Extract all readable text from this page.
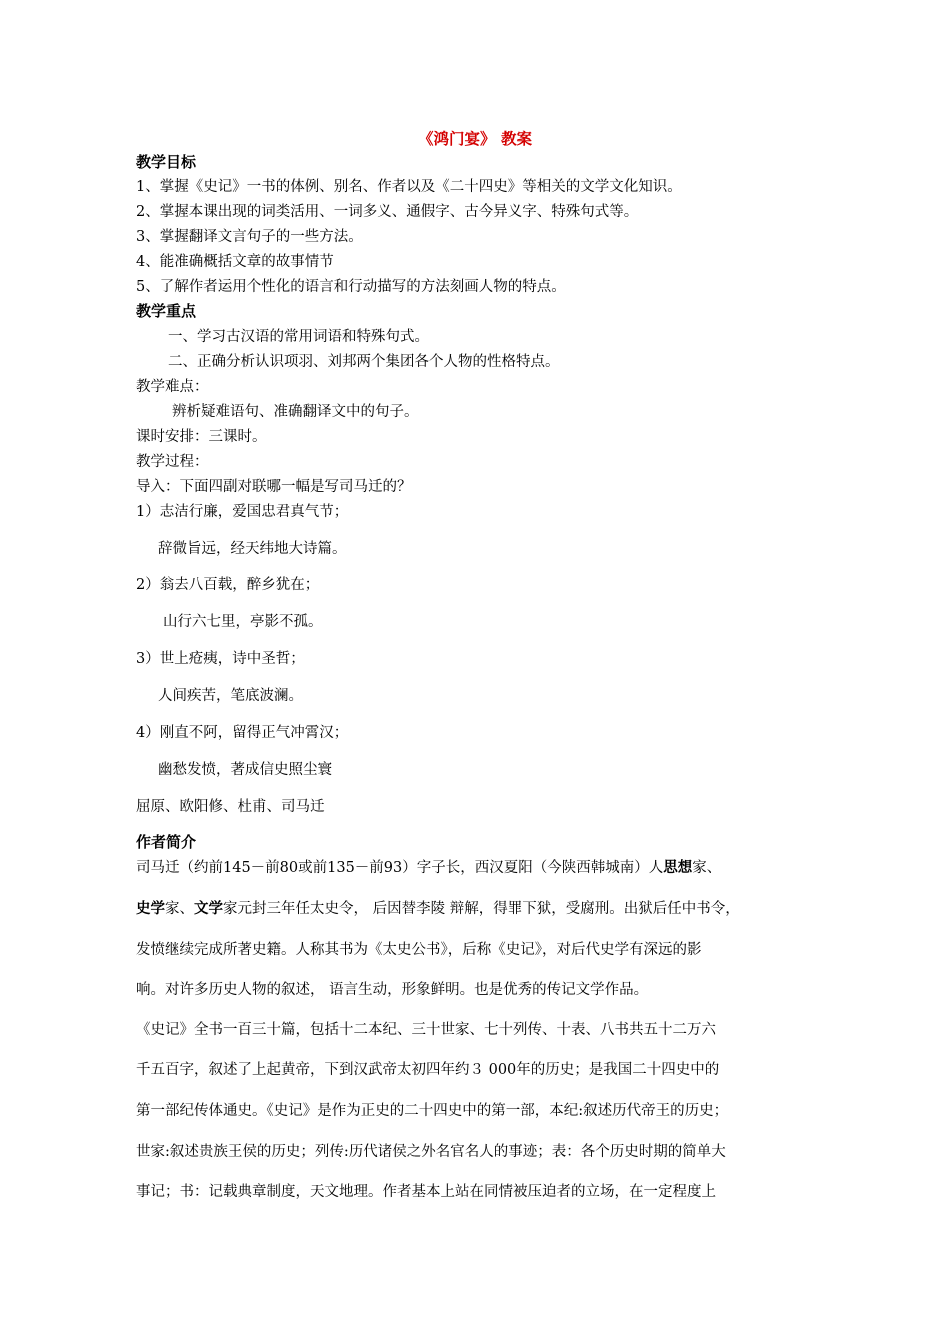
《鸿门宴》 教案
教学目标
1、掌握《史记》一书的体例、别名、作者以及《二十四史》等相关的文学文化知识。
2、掌握本课出现的词类活用、一词多义、通假字、古今异义字、特殊句式等。
3、掌握翻译文言句子的一些方法。
4、能准确概括文章的故事情节
5、了解作者运用个性化的语言和行动描写的方法刻画人物的特点。
教学重点
一、学习古汉语的常用词语和特殊句式。
二、正确分析认识项羽、刘邦两个集团各个人物的性格特点。
教学难点：
辨析疑难语句、准确翻译文中的句子。
课时安排：三课时。
教学过程：
导入：下面四副对联哪一幅是写司马迁的？
1）志洁行廉，爱国忠君真气节；
辞微旨远，经天纬地大诗篇。
2）翁去八百载，醉乡犹在；
山行六七里，亭影不孤。
3）世上疮痍，诗中圣哲；
人间疾苦，笔底波澜。
4）刚直不阿，留得正气冲霄汉；
幽愁发愤，著成信史照尘寰
屈原、欧阳修、杜甫、司马迁
作者简介
司马迁（约前145－前80或前135－前93）字子长，西汉夏阳（今陕西韩城南）人思想家、
史学家、文学家元封三年任太史令， 后因替李陵 辩解，得罪下狱，受腐刑。出狱后任中书令，
发愤继续完成所著史籍。人称其书为《太史公书》，后称《史记》，对后代史学有深远的影
响。对许多历史人物的叙述， 语言生动，形象鲜明。也是优秀的传记文学作品。
《史记》全书一百三十篇，包括十二本纪、三十世家、七十列传、十表、八书共五十二万六
千五百字，叙述了上起黄帝，下到汉武帝太初四年约３ 000年的历史；是我国二十四史中的
第一部纪传体通史。《史记》是作为正史的二十四史中的第一部，本纪:叙述历代帝王的历史；
世家:叙述贵族王侯的历史；列传:历代诸侯之外名官名人的事迹；表：各个历史时期的简单大
事记；书：记载典章制度，天文地理。作者基本上站在同情被压迫者的立场，在一定程度上
